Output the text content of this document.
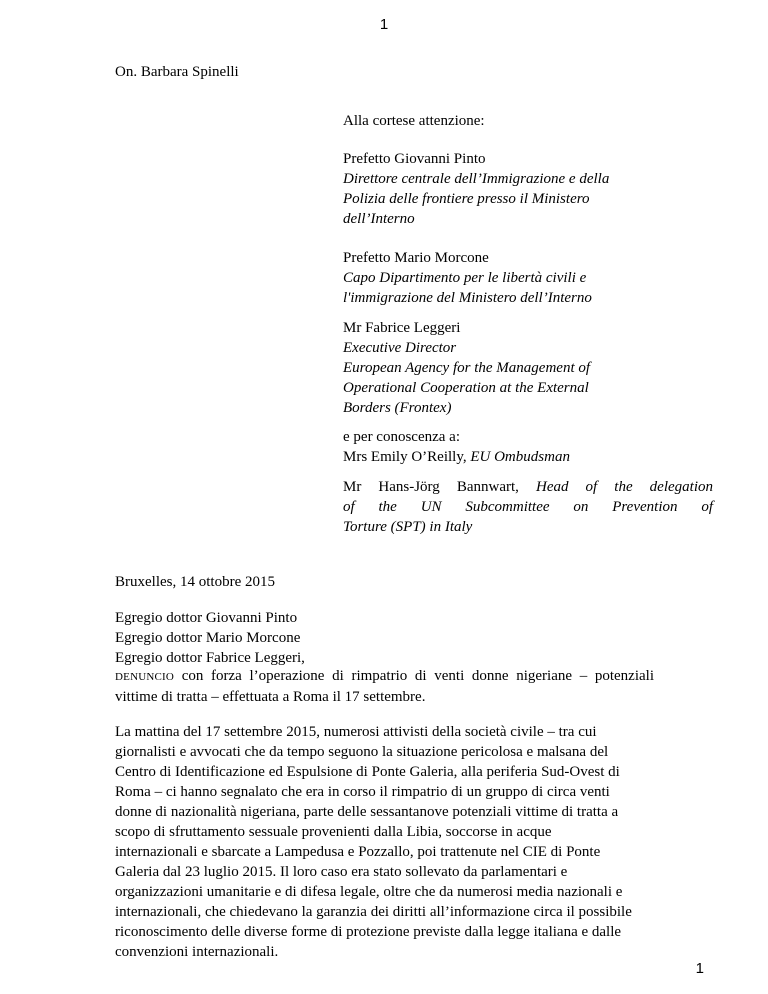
1
On. Barbara Spinelli
Alla cortese attenzione:
Prefetto Giovanni Pinto
Direttore centrale dell’Immigrazione e della
Polizia delle frontiere presso il Ministero
dell’Interno
Prefetto Mario Morcone
Capo Dipartimento per le libertà civili e
l'immigrazione del Ministero dell’Interno
Mr Fabrice Leggeri
Executive Director
European Agency for the Management of
Operational Cooperation at the External
Borders (Frontex)
e per conoscenza a:
Mrs Emily O’Reilly, EU Ombudsman
Mr Hans-Jörg Bannwart, Head of the delegation
of the UN Subcommittee on Prevention of
Torture (SPT) in Italy
Bruxelles, 14 ottobre 2015
Egregio dottor Giovanni Pinto
Egregio dottor Mario Morcone
Egregio dottor Fabrice Leggeri,
DENUNCIO con forza l’operazione di rimpatrio di venti donne nigeriane – potenziali
vittime di tratta – effettuata a Roma il 17 settembre.
La mattina del 17 settembre 2015, numerosi attivisti della società civile – tra cui
giornalisti e avvocati che da tempo seguono la situazione pericolosa e malsana del
Centro di Identificazione ed Espulsione di Ponte Galeria, alla periferia Sud-Ovest di
Roma – ci hanno segnalato che era in corso il rimpatrio di un gruppo di circa venti
donne di nazionalità nigeriana, parte delle sessantanove potenziali vittime di tratta a
scopo di sfruttamento sessuale provenienti dalla Libia, soccorse in acque
internazionali e sbarcate a Lampedusa e Pozzallo, poi trattenute nel CIE di Ponte
Galeria dal 23 luglio 2015. Il loro caso era stato sollevato da parlamentari e
organizzazioni umanitarie e di difesa legale, oltre che da numerosi media nazionali e
internazionali, che chiedevano la garanzia dei diritti all’informazione circa il possibile
riconoscimento delle diverse forme di protezione previste dalla legge italiana e dalle
convenzioni internazionali.
1
